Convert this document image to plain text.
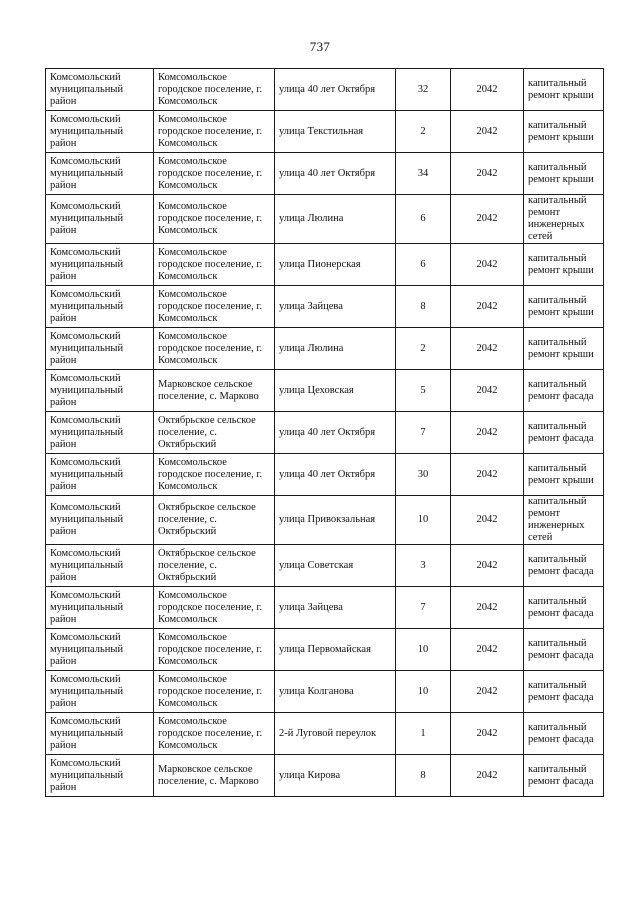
737
Комсомольский муниципальный район	Комсомольское городское поселение, г. Комсомольск	улица 40 лет Октября	32	2042	капитальный ремонт крыши
Комсомольский муниципальный район	Комсомольское городское поселение, г. Комсомольск	улица Текстильная	2	2042	капитальный ремонт крыши
Комсомольский муниципальный район	Комсомольское городское поселение, г. Комсомольск	улица 40 лет Октября	34	2042	капитальный ремонт крыши
Комсомольский муниципальный район	Комсомольское городское поселение, г. Комсомольск	улица Люлина	6	2042	капитальный ремонт инженерных сетей
Комсомольский муниципальный район	Комсомольское городское поселение, г. Комсомольск	улица Пионерская	6	2042	капитальный ремонт крыши
Комсомольский муниципальный район	Комсомольское городское поселение, г. Комсомольск	улица Зайцева	8	2042	капитальный ремонт крыши
Комсомольский муниципальный район	Комсомольское городское поселение, г. Комсомольск	улица Люлина	2	2042	капитальный ремонт крыши
Комсомольский муниципальный район	Марковское сельское поселение, с. Марково	улица Цеховская	5	2042	капитальный ремонт фасада
Комсомольский муниципальный район	Октябрьское сельское поселение, с. Октябрьский	улица 40 лет Октября	7	2042	капитальный ремонт фасада
Комсомольский муниципальный район	Комсомольское городское поселение, г. Комсомольск	улица 40 лет Октября	30	2042	капитальный ремонт крыши
Комсомольский муниципальный район	Октябрьское сельское поселение, с. Октябрьский	улица Привокзальная	10	2042	капитальный ремонт инженерных сетей
Комсомольский муниципальный район	Октябрьское сельское поселение, с. Октябрьский	улица Советская	3	2042	капитальный ремонт фасада
Комсомольский муниципальный район	Комсомольское городское поселение, г. Комсомольск	улица Зайцева	7	2042	капитальный ремонт фасада
Комсомольский муниципальный район	Комсомольское городское поселение, г. Комсомольск	улица Первомайская	10	2042	капитальный ремонт фасада
Комсомольский муниципальный район	Комсомольское городское поселение, г. Комсомольск	улица Колганова	10	2042	капитальный ремонт фасада
Комсомольский муниципальный район	Комсомольское городское поселение, г. Комсомольск	2-й Луговой переулок	1	2042	капитальный ремонт фасада
Комсомольский муниципальный район	Марковское сельское поселение, с. Марково	улица Кирова	8	2042	капитальный ремонт фасада
